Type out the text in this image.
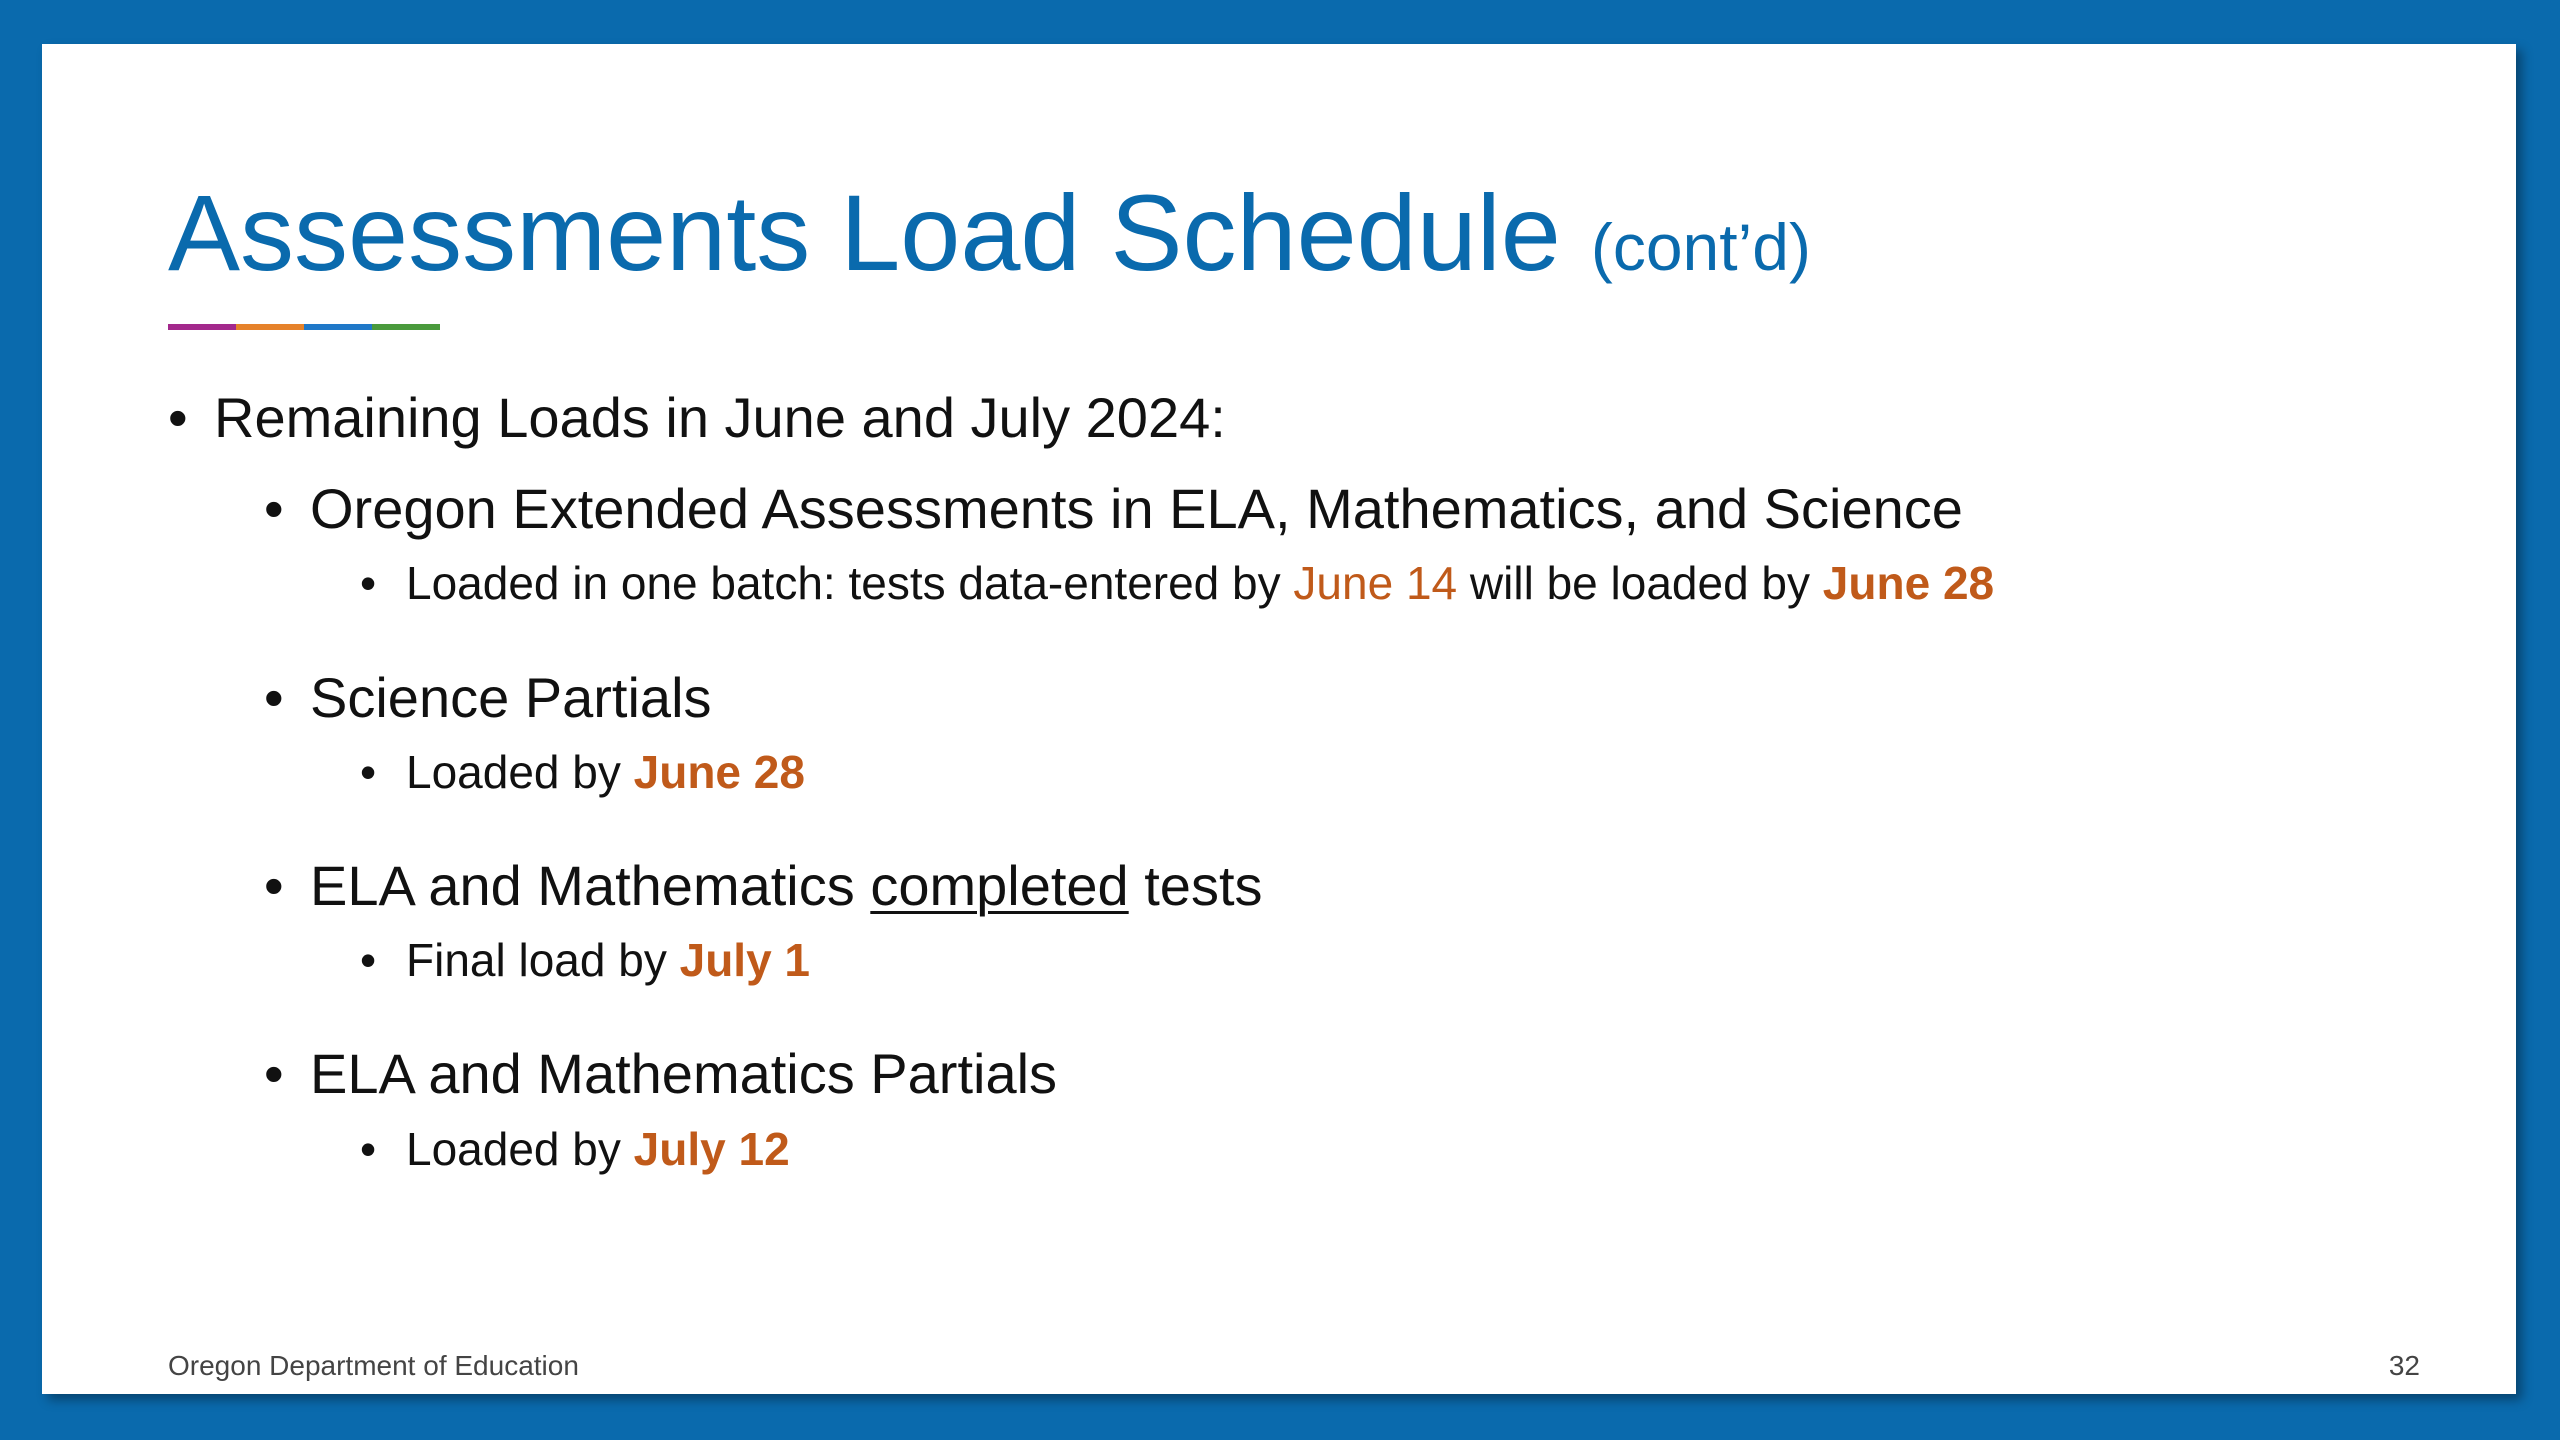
Assessments Load Schedule (cont’d)
• Remaining Loads in June and July 2024:
• Oregon Extended Assessments in ELA, Mathematics, and Science
• Loaded in one batch: tests data-entered by June 14 will be loaded by June 28
• Science Partials
• Loaded by June 28
• ELA and Mathematics completed tests
• Final load by July 1
• ELA and Mathematics Partials
• Loaded by July 12
Oregon Department of Education	32
